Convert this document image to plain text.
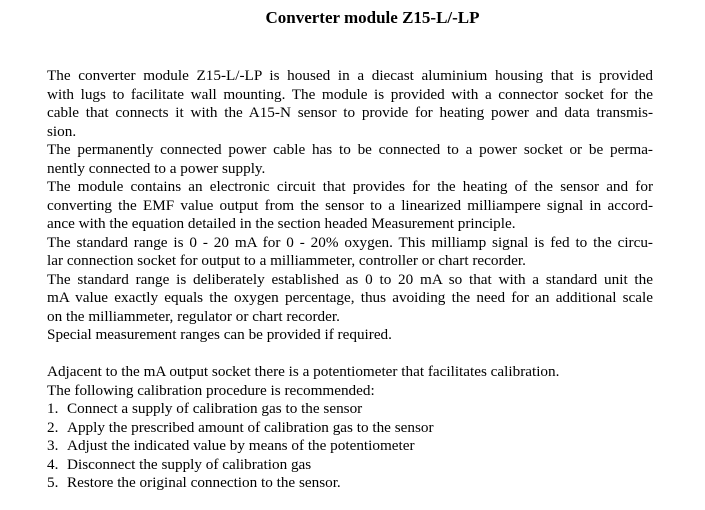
Converter module Z15-L/-LP
The converter module Z15-L/-LP is housed in a diecast aluminium housing that is provided
with lugs to facilitate wall mounting. The module is provided with a connector socket for the
cable that connects it with the A15-N sensor to provide for heating power and data transmis-
sion.
The permanently connected power cable has to be connected to a power socket or be perma-
nently connected to a power supply.
The module contains an electronic circuit that provides for the heating of the sensor and for
converting the EMF value output from the sensor to a linearized milliampere signal in accord-
ance with the equation detailed in the section headed Measurement principle.
The standard range is 0 - 20 mA for 0 - 20% oxygen. This milliamp signal is fed to the circu-
lar connection socket for output to a milliammeter, controller or chart recorder.
The standard range is deliberately established as 0 to 20 mA so that with a standard unit the
mA value exactly equals the oxygen percentage, thus avoiding the need for an additional scale
on the milliammeter, regulator or chart recorder.
Special measurement ranges can be provided if required.
Adjacent to the mA output socket there is a potentiometer that facilitates calibration.
The following calibration procedure is recommended:
1. Connect a supply of calibration gas to the sensor
2. Apply the prescribed amount of calibration gas to the sensor
3. Adjust the indicated value by means of the potentiometer
4. Disconnect the supply of calibration gas
5. Restore the original connection to the sensor.
